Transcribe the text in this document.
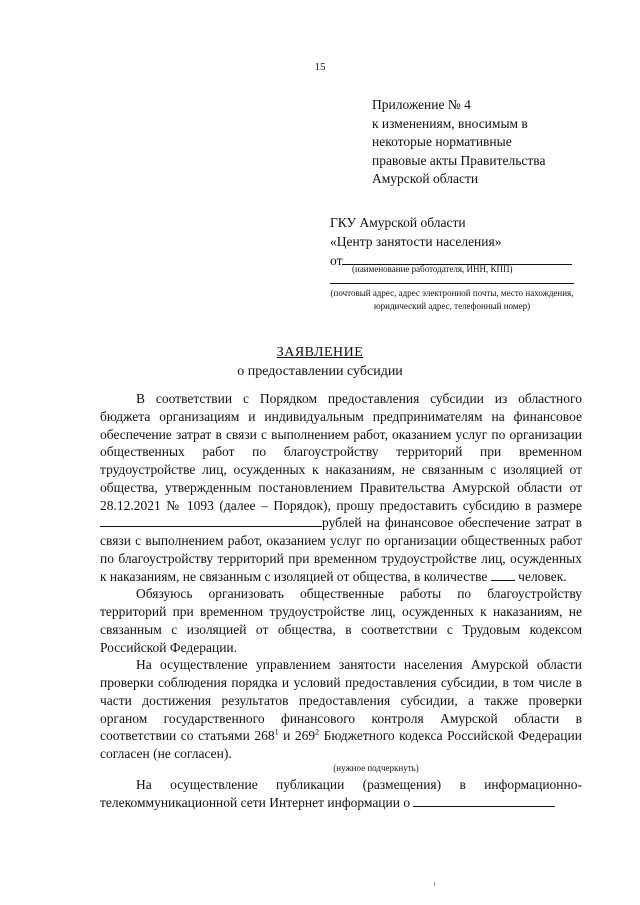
15
Приложение № 4
к изменениям, вносимым в
некоторые нормативные
правовые акты Правительства
Амурской области
ГКУ Амурской области
«Центр занятости населения»
от
(наименование работодателя, ИНН, КПП)
(почтовый адрес, адрес электронной почты, место нахождения, юридический адрес, телефонный номер)
ЗАЯВЛЕНИЕ
о предоставлении субсидии

В соответствии с Порядком предоставления субсидии из областного бюджета организациям и индивидуальным предпринимателям на финансовое обеспечение затрат в связи с выполнением работ, оказанием услуг по организации общественных работ по благоустройству территорий при временном трудоустройстве лиц, осужденных к наказаниям, не связанным с изоляцией от общества, утвержденным постановлением Правительства Амурской области от 28.12.2021 № 1093 (далее – Порядок), прошу предоставить субсидию в размере рублей на финансовое обеспечение затрат в связи с выполнением работ, оказанием услуг по организации общественных работ по благоустройству территорий при временном трудоустройстве лиц, осужденных к наказаниям, не связанным с изоляцией от общества, в количестве  человек.

Обязуюсь организовать общественные работы по благоустройству территорий при временном трудоустройстве лиц, осужденных к наказаниям, не связанным с изоляцией от общества, в соответствии с Трудовым кодексом Российской Федерации.

На осуществление управлением занятости населения Амурской области проверки соблюдения порядка и условий предоставления субсидии, в том числе в части достижения результатов предоставления субсидии, а также проверки органом государственного финансового контроля Амурской области в соответствии со статьями $268^1$ и $269^2$ Бюджетного кодекса Российской Федерации согласен (не согласен).

(нужное подчеркнуть)

На осуществление публикации (размещения) в информационно-телекоммуникационной сети Интернет информации о
